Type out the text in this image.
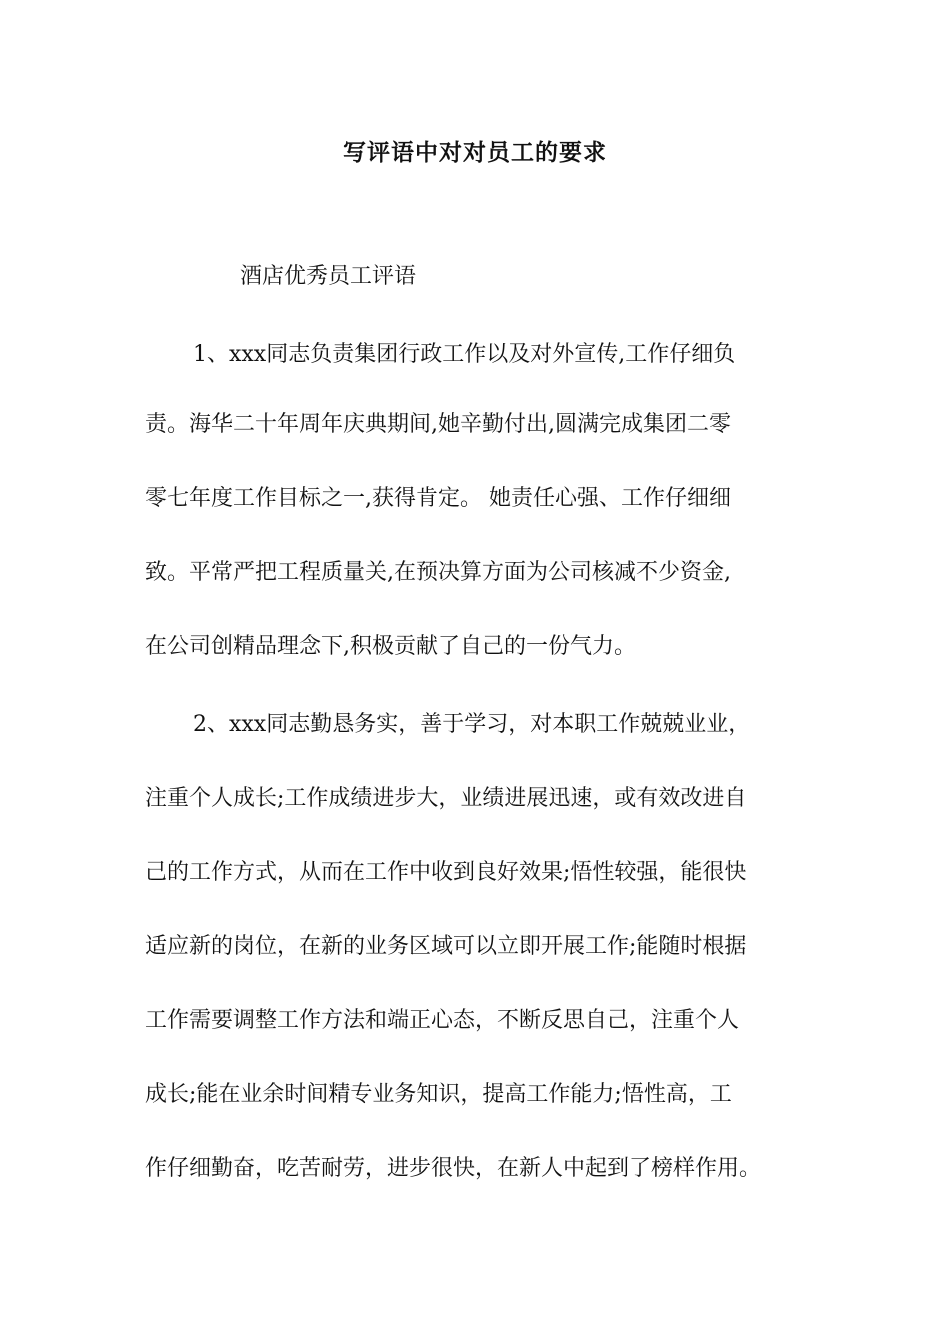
写评语中对对员工的要求

酒店优秀员工评语

1、xxx同志负责集团行政工作以及对外宣传,工作仔细负

责。海华二十年周年庆典期间,她辛勤付出,圆满完成集团二零

零七年度工作目标之一,获得肯定。 她责任心强、工作仔细细

致。平常严把工程质量关,在预决算方面为公司核减不少资金,

在公司创精品理念下,积极贡献了自己的一份气力。

2、xxx同志勤恳务实，善于学习，对本职工作兢兢业业，

注重个人成长;工作成绩进步大，业绩进展迅速，或有效改进自

己的工作方式，从而在工作中收到良好效果;悟性较强，能很快

适应新的岗位，在新的业务区域可以立即开展工作;能随时根据

工作需要调整工作方法和端正心态，不断反思自己，注重个人

成长;能在业余时间精专业务知识，提高工作能力;悟性高，工

作仔细勤奋，吃苦耐劳，进步很快，在新人中起到了榜样作用。
